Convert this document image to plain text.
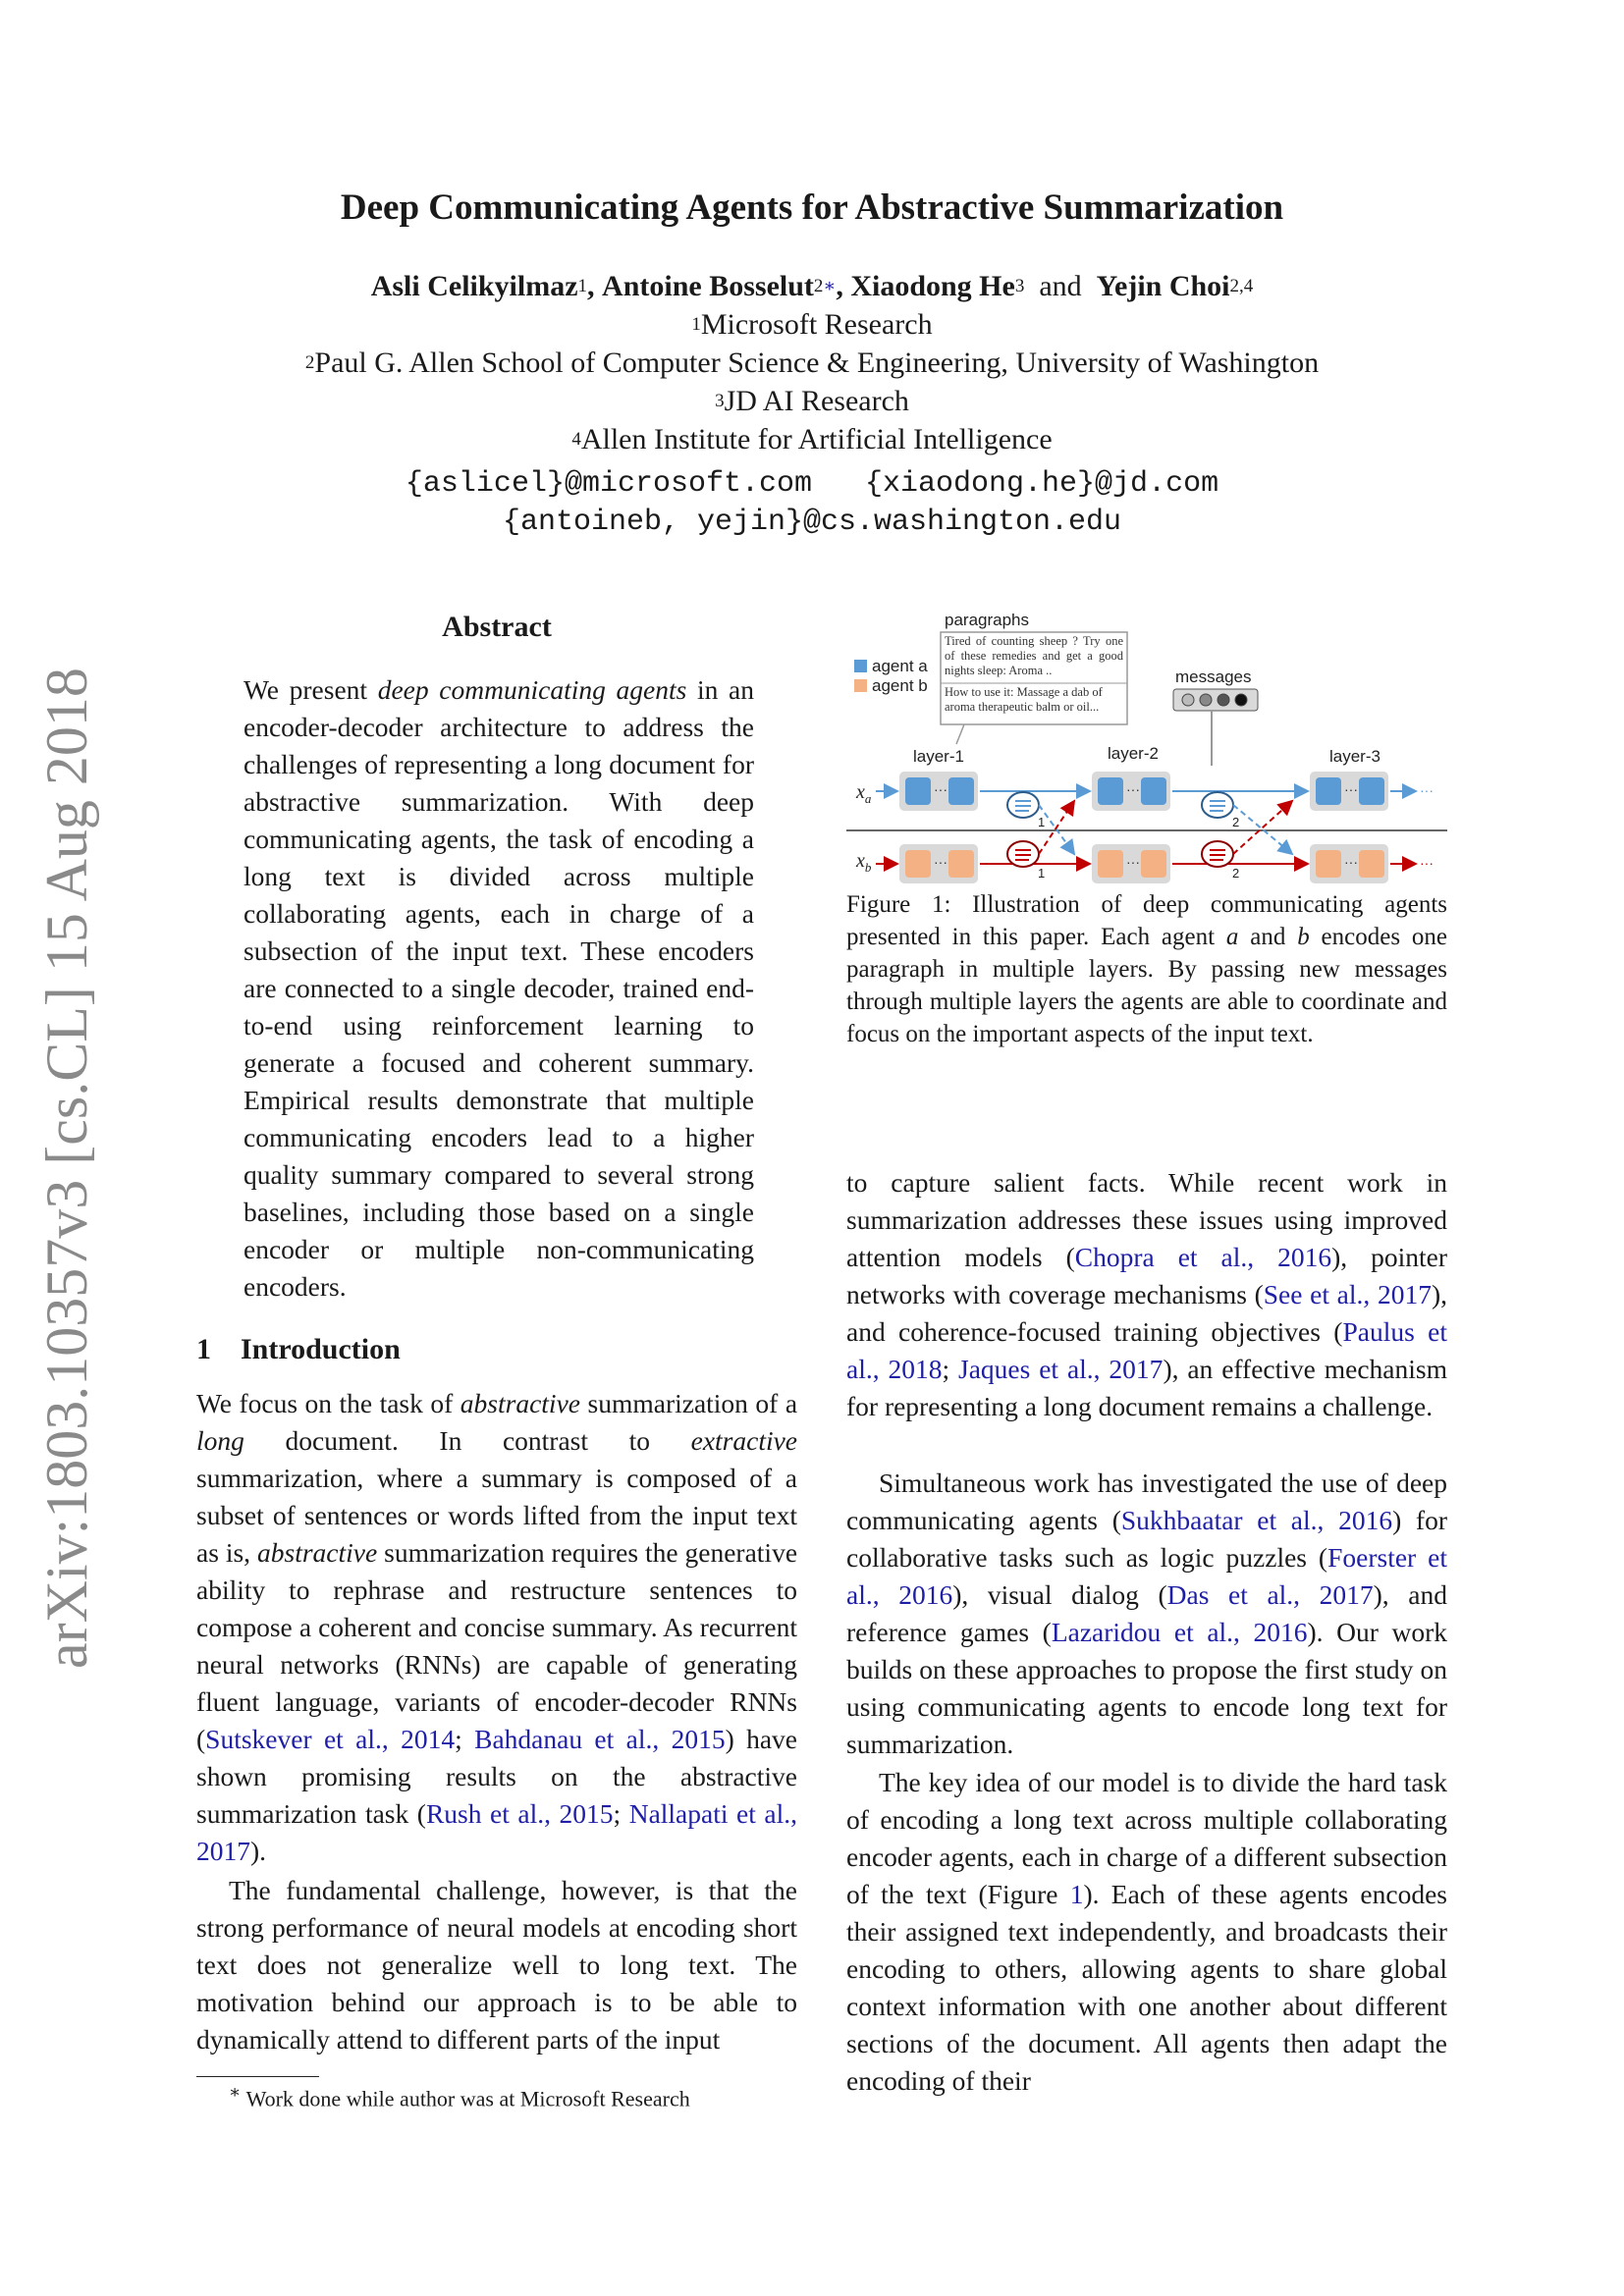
Deep Communicating Agents for Abstractive Summarization
Asli Celikyilmaz$^1$, Antoine Bosselut$^{2∗}$, Xiaodong He$^3$ and Yejin Choi$^{2,4}$
$^1$Microsoft Research
$^2$Paul G. Allen School of Computer Science & Engineering, University of Washington
$^3$JD AI Research
$^4$Allen Institute for Artificial Intelligence
{aslicel}@microsoft.com {xiaodong.he}@jd.com
{antoineb, yejin}@cs.washington.edu
arXiv:1803.10357v3 [cs.CL] 15 Aug 2018
Abstract
We present deep communicating agents in an encoder-decoder architecture to address the challenges of representing a long document for abstractive summarization. With deep communicating agents, the task of encoding a long text is divided across multiple collaborating agents, each in charge of a subsection of the input text. These encoders are connected to a single decoder, trained end-to-end using reinforcement learning to generate a focused and coherent summary. Empirical results demonstrate that multiple communicating encoders lead to a higher quality summary compared to several strong baselines, including those based on a single encoder or multiple non-communicating encoders.
1 Introduction

We focus on the task of abstractive summarization of a long document. In contrast to extractive summarization, where a summary is composed of a subset of sentences or words lifted from the input text as is, abstractive summarization requires the generative ability to rephrase and restructure sentences to compose a coherent and concise summary. As recurrent neural networks (RNNs) are capable of generating fluent language, variants of encoder-decoder RNNs (Sutskever et al., 2014; Bahdanau et al., 2015) have shown promising results on the abstractive summarization task (Rush et al., 2015; Nallapati et al., 2017).

The fundamental challenge, however, is that the strong performance of neural models at encoding short text does not generalize well to long text. The motivation behind our approach is to be able to dynamically attend to different parts of the input

∗ Work done while author was at Microsoft Research
agent a
agent b
paragraphs
Tired of counting sheep ? Try one of these remedies and get a good nights sleep: Aroma ..
How to use it: Massage a dab of aroma therapeutic balm or oil...
messages
layer-1	layer-2	layer-3
$x_a$
$x_b$
···	···	···	···
1	2
···	···	···	···
1	2
Figure 1: Illustration of deep communicating agents presented in this paper. Each agent a and b encodes one paragraph in multiple layers. By passing new messages through multiple layers the agents are able to coordinate and focus on the important aspects of the input text.

to capture salient facts. While recent work in summarization addresses these issues using improved attention models (Chopra et al., 2016), pointer networks with coverage mechanisms (See et al., 2017), and coherence-focused training objectives (Paulus et al., 2018; Jaques et al., 2017), an effective mechanism for representing a long document remains a challenge.

Simultaneous work has investigated the use of deep communicating agents (Sukhbaatar et al., 2016) for collaborative tasks such as logic puzzles (Foerster et al., 2016), visual dialog (Das et al., 2017), and reference games (Lazaridou et al., 2016). Our work builds on these approaches to propose the first study on using communicating agents to encode long text for summarization.

The key idea of our model is to divide the hard task of encoding a long text across multiple collaborating encoder agents, each in charge of a different subsection of the text (Figure 1). Each of these agents encodes their assigned text independently, and broadcasts their encoding to others, allowing agents to share global context information with one another about different sections of the document. All agents then adapt the encoding of their
